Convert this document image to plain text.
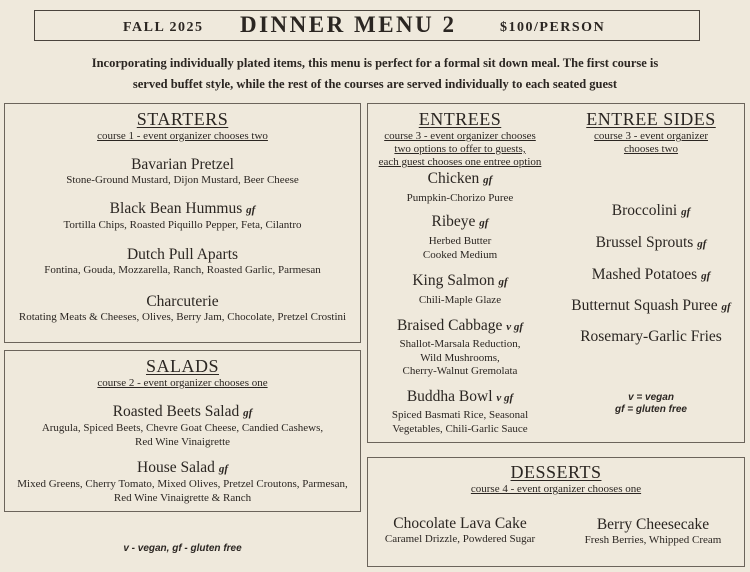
FALL 2025 DINNER MENU 2	$100/PERSON
Incorporating individually plated items, this menu is perfect for a formal sit down meal. The first course is
served buffet style, while the rest of the courses are served individually to each seated guest
STARTERS
course 1 - event organizer chooses two
Bavarian Pretzel
Stone-Ground Mustard, Dijon Mustard, Beer Cheese
Black Bean Hummus gf
Tortilla Chips, Roasted Piquillo Pepper, Feta, Cilantro
Dutch Pull Aparts
Fontina, Gouda, Mozzarella, Ranch, Roasted Garlic, Parmesan
Charcuterie
Rotating Meats & Cheeses, Olives, Berry Jam, Chocolate, Pretzel Crostini
SALADS
course 2 - event organizer chooses one
Roasted Beets Salad gf
Arugula, Spiced Beets, Chevre Goat Cheese, Candied Cashews,
Red Wine Vinaigrette
House Salad gf
Mixed Greens, Cherry Tomato, Mixed Olives, Pretzel Croutons, Parmesan,
Red Wine Vinaigrette & Ranch
v - vegan, gf - gluten free
ENTREES
course 3 - event organizer chooses
two options to offer to guests,
each guest chooses one entree option
Chicken gf
Pumpkin-Chorizo Puree
Ribeye gf
Herbed Butter
Cooked Medium
King Salmon gf
Chili-Maple Glaze
Braised Cabbage v gf
Shallot-Marsala Reduction,
Wild Mushrooms,
Cherry-Walnut Gremolata
Buddha Bowl v gf
Spiced Basmati Rice, Seasonal
Vegetables, Chili-Garlic Sauce
ENTREE SIDES
course 3 - event organizer
chooses two
Broccolini gf
Brussel Sprouts gf
Mashed Potatoes gf
Butternut Squash Puree gf
Rosemary-Garlic Fries
v = vegan
gf = gluten free
DESSERTS
course 4 - event organizer chooses one
Chocolate Lava Cake
Caramel Drizzle, Powdered Sugar
Berry Cheesecake
Fresh Berries, Whipped Cream
